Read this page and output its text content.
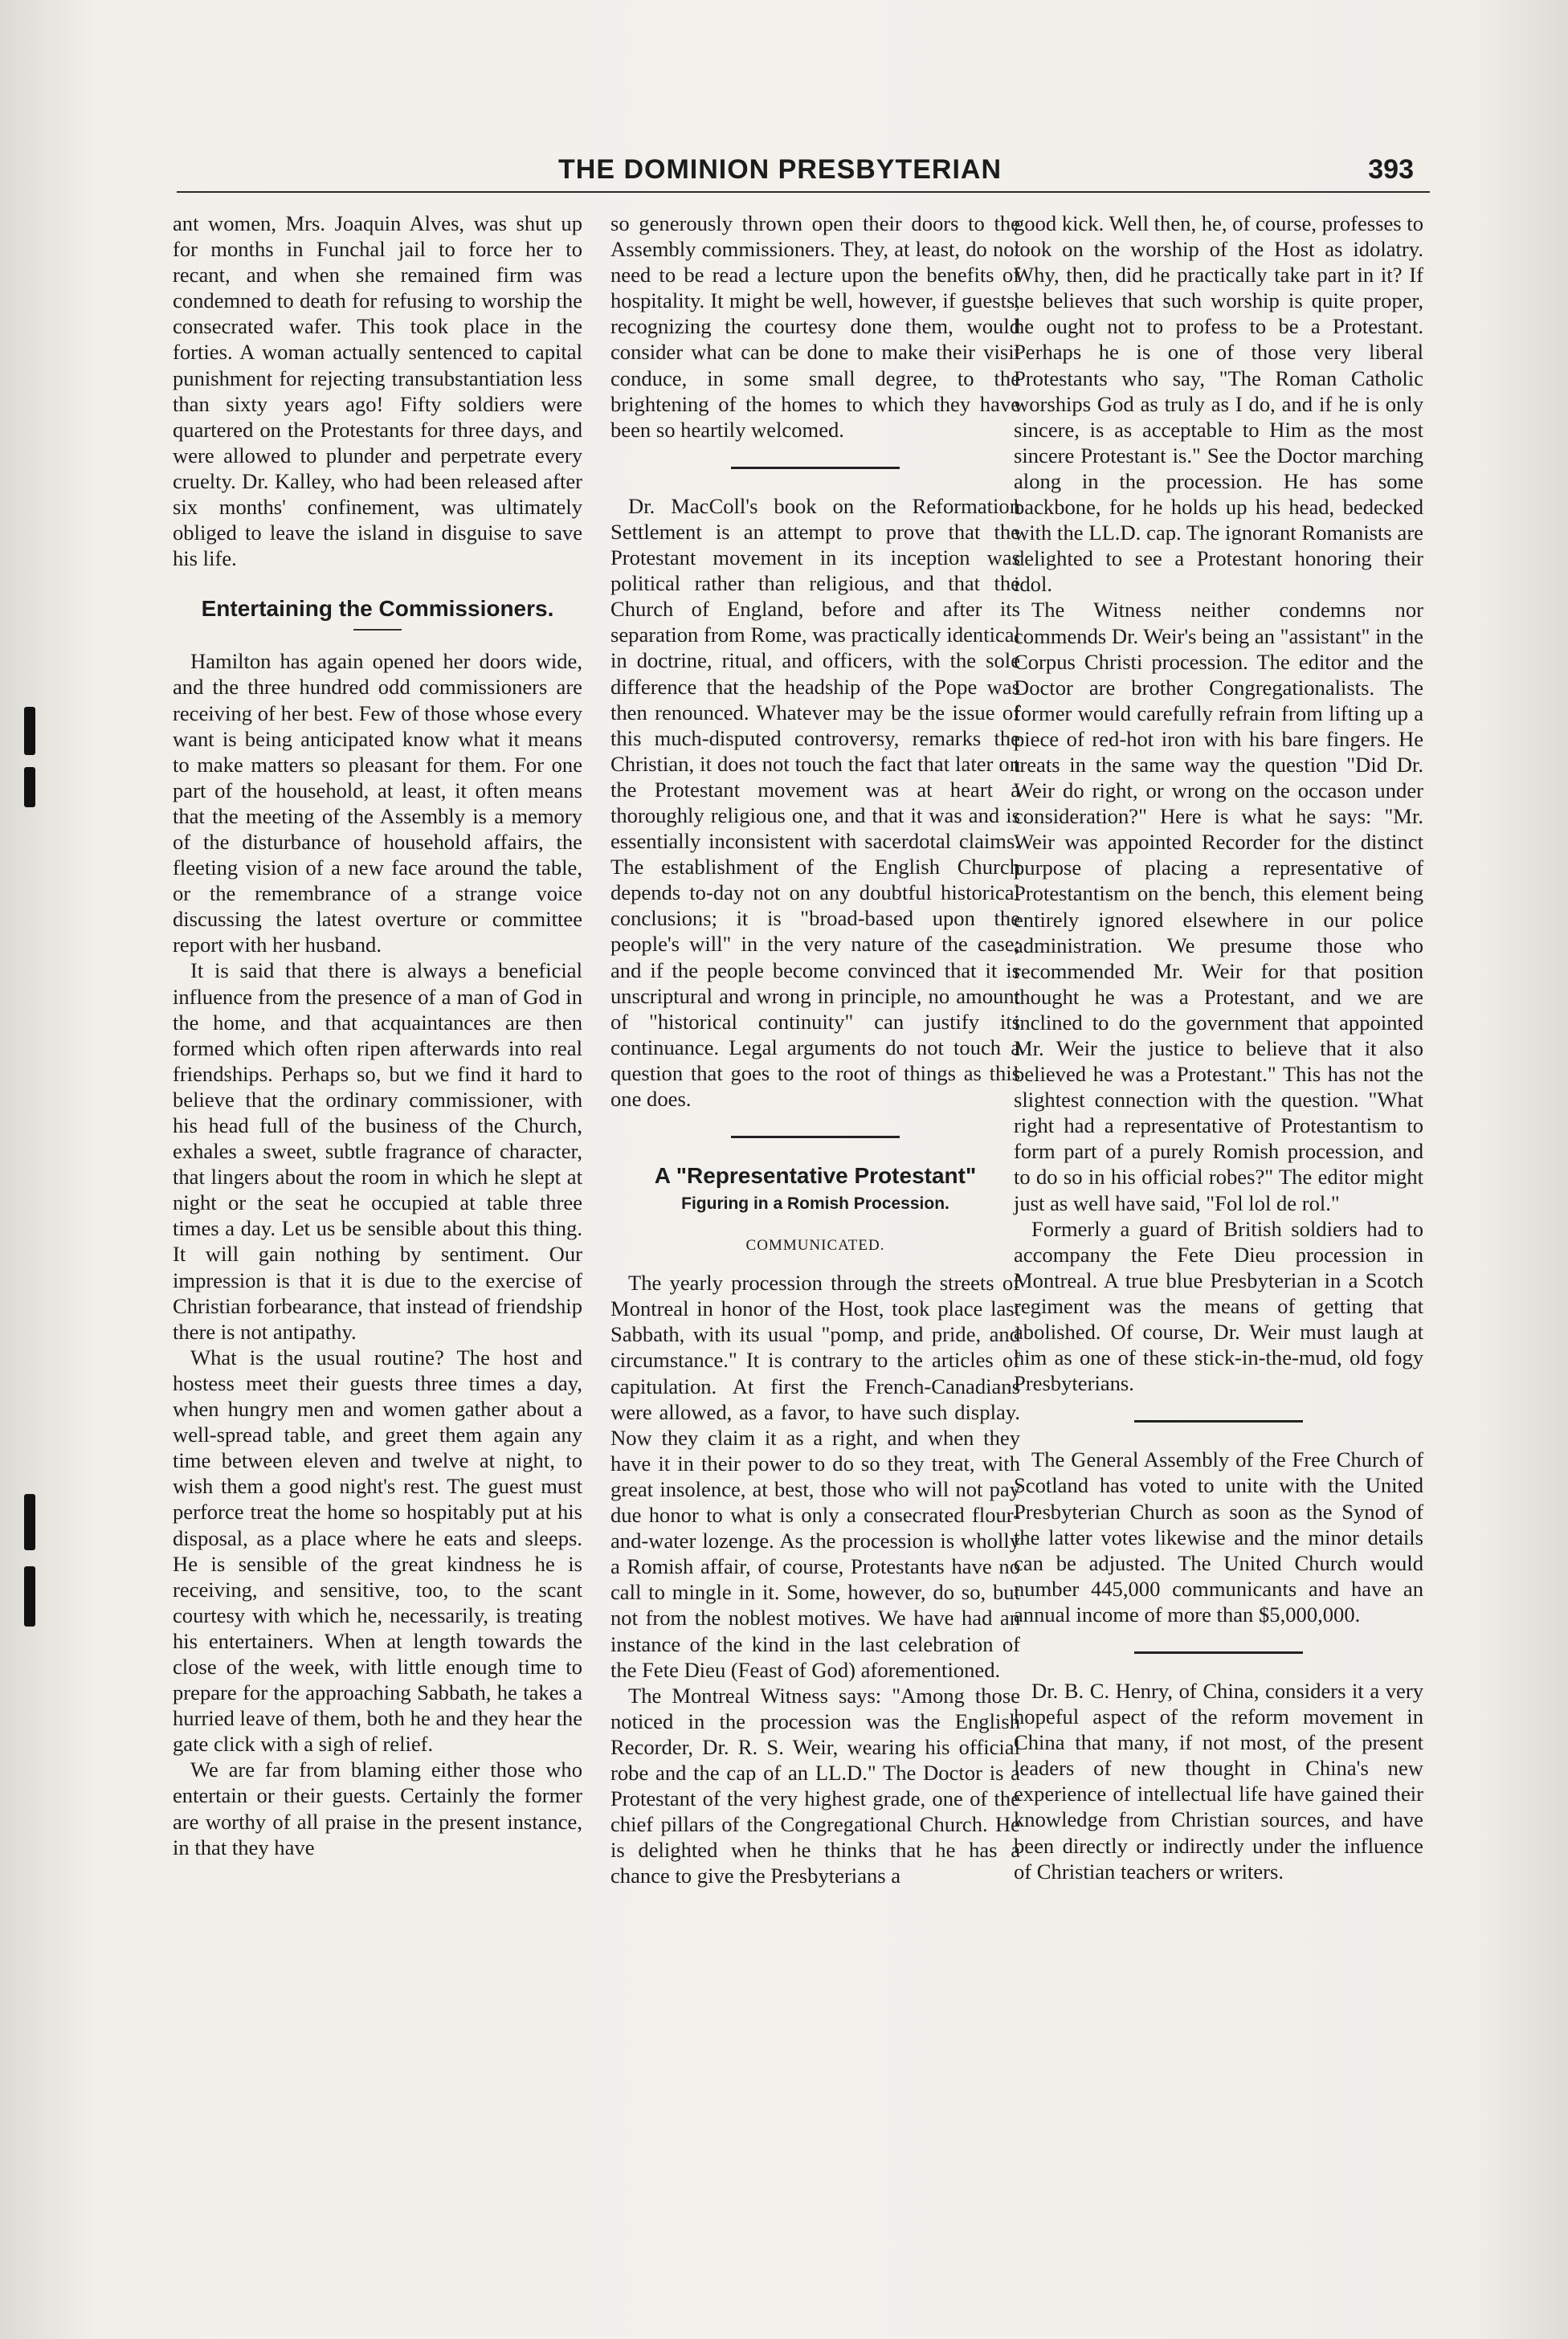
THE DOMINION PRESBYTERIAN	393

ant women, Mrs. Joaquin Alves, was shut up for months in Funchal jail to force her to recant, and when she remained firm was condemned to death for refusing to worship the consecrated wafer. This took place in the forties. A woman actually sentenced to capital punishment for rejecting transubstantiation less than sixty years ago! Fifty soldiers were quartered on the Protestants for three days, and were allowed to plunder and perpetrate every cruelty. Dr. Kalley, who had been released after six months' confinement, was ultimately obliged to leave the island in disguise to save his life.

Entertaining the Commissioners.

Hamilton has again opened her doors wide, and the three hundred odd commissioners are receiving of her best. Few of those whose every want is being anticipated know what it means to make matters so pleasant for them. For one part of the household, at least, it often means that the meeting of the Assembly is a memory of the disturbance of household affairs, the fleeting vision of a new face around the table, or the remembrance of a strange voice discussing the latest overture or committee report with her husband.

It is said that there is always a beneficial influence from the presence of a man of God in the home, and that acquaintances are then formed which often ripen afterwards into real friendships. Perhaps so, but we find it hard to believe that the ordinary commissioner, with his head full of the business of the Church, exhales a sweet, subtle fragrance of character, that lingers about the room in which he slept at night or the seat he occupied at table three times a day. Let us be sensible about this thing. It will gain nothing by sentiment. Our impression is that it is due to the exercise of Christian forbearance, that instead of friendship there is not antipathy.

What is the usual routine? The host and hostess meet their guests three times a day, when hungry men and women gather about a well-spread table, and greet them again any time between eleven and twelve at night, to wish them a good night's rest. The guest must perforce treat the home so hospitably put at his disposal, as a place where he eats and sleeps. He is sensible of the great kindness he is receiving, and sensitive, too, to the scant courtesy with which he, necessarily, is treating his entertainers. When at length towards the close of the week, with little enough time to prepare for the approaching Sabbath, he takes a hurried leave of them, both he and they hear the gate click with a sigh of relief.

We are far from blaming either those who entertain or their guests. Certainly the former are worthy of all praise in the present instance, in that they have

so generously thrown open their doors to the Assembly commissioners. They, at least, do not need to be read a lecture upon the benefits of hospitality. It might be well, however, if guests, recognizing the courtesy done them, would consider what can be done to make their visit conduce, in some small degree, to the brightening of the homes to which they have been so heartily welcomed.

Dr. MacColl's book on the Reformation Settlement is an attempt to prove that the Protestant movement in its inception was political rather than religious, and that the Church of England, before and after its separation from Rome, was practically identical in doctrine, ritual, and officers, with the sole difference that the headship of the Pope was then renounced. Whatever may be the issue of this much-disputed controversy, remarks the Christian, it does not touch the fact that later on the Protestant movement was at heart a thoroughly religious one, and that it was and is essentially inconsistent with sacerdotal claims. The establishment of the English Church depends to-day not on any doubtful historical conclusions; it is "broad-based upon the people's will" in the very nature of the case; and if the people become convinced that it is unscriptural and wrong in principle, no amount of "historical continuity" can justify its continuance. Legal arguments do not touch a question that goes to the root of things as this one does.

A "Representative Protestant"
Figuring in a Romish Procession.
COMMUNICATED.

The yearly procession through the streets of Montreal in honor of the Host, took place last Sabbath, with its usual "pomp, and pride, and circumstance." It is contrary to the articles of capitulation. At first the French-Canadians were allowed, as a favor, to have such display. Now they claim it as a right, and when they have it in their power to do so they treat, with great insolence, at best, those who will not pay due honor to what is only a consecrated flour-and-water lozenge. As the procession is wholly a Romish affair, of course, Protestants have no call to mingle in it. Some, however, do so, but not from the noblest motives. We have had an instance of the kind in the last celebration of the Fete Dieu (Feast of God) aforementioned.

The Montreal Witness says: "Among those noticed in the procession was the English Recorder, Dr. R. S. Weir, wearing his official robe and the cap of an LL.D." The Doctor is a Protestant of the very highest grade, one of the chief pillars of the Congregational Church. He is delighted when he thinks that he has a chance to give the Presbyterians a

good kick. Well then, he, of course, professes to look on the worship of the Host as idolatry. Why, then, did he practically take part in it? If he believes that such worship is quite proper, he ought not to profess to be a Protestant. Perhaps he is one of those very liberal Protestants who say, "The Roman Catholic worships God as truly as I do, and if he is only sincere, is as acceptable to Him as the most sincere Protestant is." See the Doctor marching along in the procession. He has some backbone, for he holds up his head, bedecked with the LL.D. cap. The ignorant Romanists are delighted to see a Protestant honoring their idol.

The Witness neither condemns nor commends Dr. Weir's being an "assistant" in the Corpus Christi procession. The editor and the Doctor are brother Congregationalists. The former would carefully refrain from lifting up a piece of red-hot iron with his bare fingers. He treats in the same way the question "Did Dr. Weir do right, or wrong on the occason under consideration?" Here is what he says: "Mr. Weir was appointed Recorder for the distinct purpose of placing a representative of Protestantism on the bench, this element being entirely ignored elsewhere in our police administration. We presume those who recommended Mr. Weir for that position thought he was a Protestant, and we are inclined to do the government that appointed Mr. Weir the justice to believe that it also believed he was a Protestant." This has not the slightest connection with the question. "What right had a representative of Protestantism to form part of a purely Romish procession, and to do so in his official robes?" The editor might just as well have said, "Fol lol de rol."

Formerly a guard of British soldiers had to accompany the Fete Dieu procession in Montreal. A true blue Presbyterian in a Scotch regiment was the means of getting that abolished. Of course, Dr. Weir must laugh at him as one of these stick-in-the-mud, old fogy Presbyterians.

The General Assembly of the Free Church of Scotland has voted to unite with the United Presbyterian Church as soon as the Synod of the latter votes likewise and the minor details can be adjusted. The United Church would number 445,000 communicants and have an annual income of more than $5,000,000.

Dr. B. C. Henry, of China, considers it a very hopeful aspect of the reform movement in China that many, if not most, of the present leaders of new thought in China's new experience of intellectual life have gained their knowledge from Christian sources, and have been directly or indirectly under the influence of Christian teachers or writers.
